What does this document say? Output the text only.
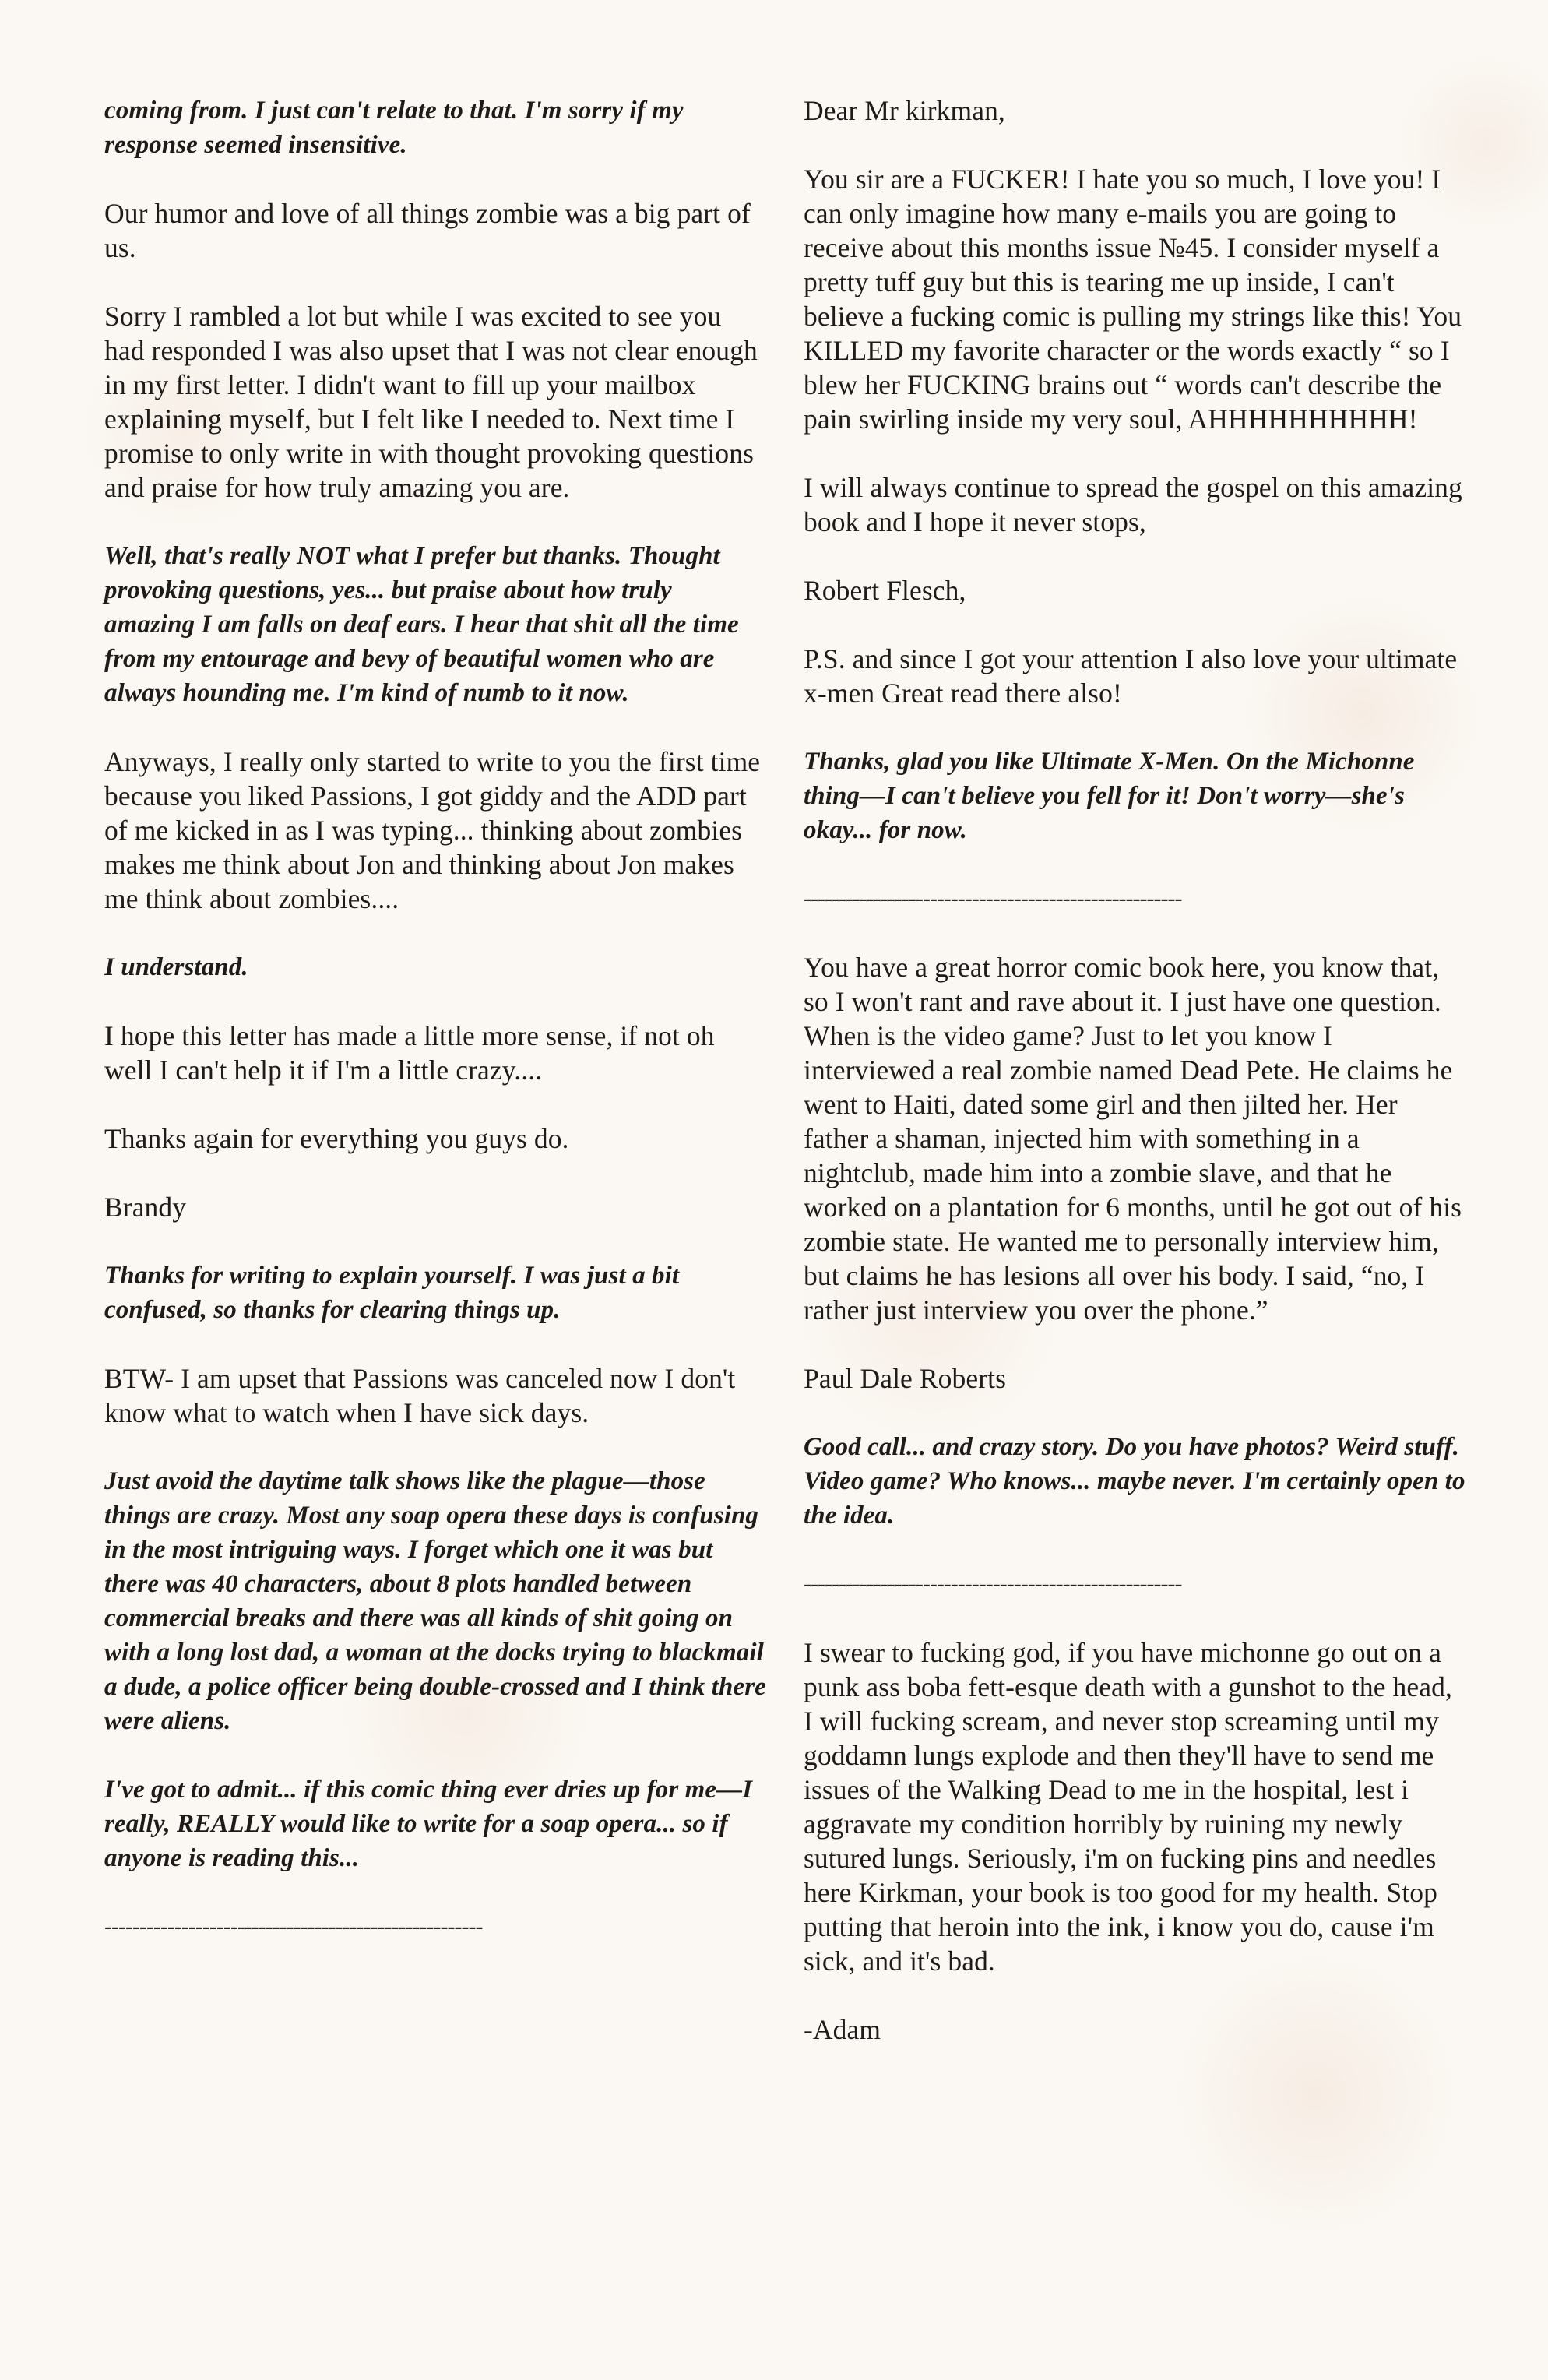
coming from. I just can't relate to that. I'm sorry if my response seemed insensitive.

Our humor and love of all things zombie was a big part of us.

Sorry I rambled a lot but while I was excited to see you had responded I was also upset that I was not clear enough in my first letter. I didn't want to fill up your mailbox explaining myself, but I felt like I needed to. Next time I promise to only write in with thought provoking questions and praise for how truly amazing you are.

Well, that's really NOT what I prefer but thanks. Thought provoking questions, yes... but praise about how truly amazing I am falls on deaf ears. I hear that shit all the time from my entourage and bevy of beautiful women who are always hounding me. I'm kind of numb to it now.

Anyways, I really only started to write to you the first time because you liked Passions, I got giddy and the ADD part of me kicked in as I was typing... thinking about zombies makes me think about Jon and thinking about Jon makes me think about zombies....

I understand.

I hope this letter has made a little more sense, if not oh well I can't help it if I'm a little crazy....

Thanks again for everything you guys do.

Brandy

Thanks for writing to explain yourself. I was just a bit confused, so thanks for clearing things up.

BTW- I am upset that Passions was canceled now I don't know what to watch when I have sick days.

Just avoid the daytime talk shows like the plague—those things are crazy. Most any soap opera these days is confusing in the most intriguing ways. I forget which one it was but there was 40 characters, about 8 plots handled between commercial breaks and there was all kinds of shit going on with a long lost dad, a woman at the docks trying to blackmail a dude, a police officer being double-crossed and I think there were aliens.

I've got to admit... if this comic thing ever dries up for me—I really, REALLY would like to write for a soap opera... so if anyone is reading this...

------------------------------------------------------

Dear Mr kirkman,

You sir are a FUCKER! I hate you so much, I love you! I can only imagine how many e-mails you are going to receive about this months issue №45. I consider myself a pretty tuff guy but this is tearing me up inside, I can't believe a fucking comic is pulling my strings like this! You KILLED my favorite character or the words exactly “ so I blew her FUCKING brains out “ words can't describe the pain swirling inside my very soul, AHHHHHHHHHH!

I will always continue to spread the gospel on this amazing book and I hope it never stops,

Robert Flesch,

P.S. and since I got your attention I also love your ultimate x-men Great read there also!

Thanks, glad you like Ultimate X-Men. On the Michonne thing—I can't believe you fell for it! Don't worry—she's okay... for now.

------------------------------------------------------

You have a great horror comic book here, you know that, so I won't rant and rave about it. I just have one question. When is the video game? Just to let you know I interviewed a real zombie named Dead Pete. He claims he went to Haiti, dated some girl and then jilted her. Her father a shaman, injected him with something in a nightclub, made him into a zombie slave, and that he worked on a plantation for 6 months, until he got out of his zombie state. He wanted me to personally interview him, but claims he has lesions all over his body. I said, “no, I rather just interview you over the phone.”

Paul Dale Roberts

Good call... and crazy story. Do you have photos? Weird stuff. Video game? Who knows... maybe never. I'm certainly open to the idea.

------------------------------------------------------

I swear to fucking god, if you have michonne go out on a punk ass boba fett-esque death with a gunshot to the head, I will fucking scream, and never stop screaming until my goddamn lungs explode and then they'll have to send me issues of the Walking Dead to me in the hospital, lest i aggravate my condition horribly by ruining my newly sutured lungs. Seriously, i'm on fucking pins and needles here Kirkman, your book is too good for my health. Stop putting that heroin into the ink, i know you do, cause i'm sick, and it's bad.

-Adam
